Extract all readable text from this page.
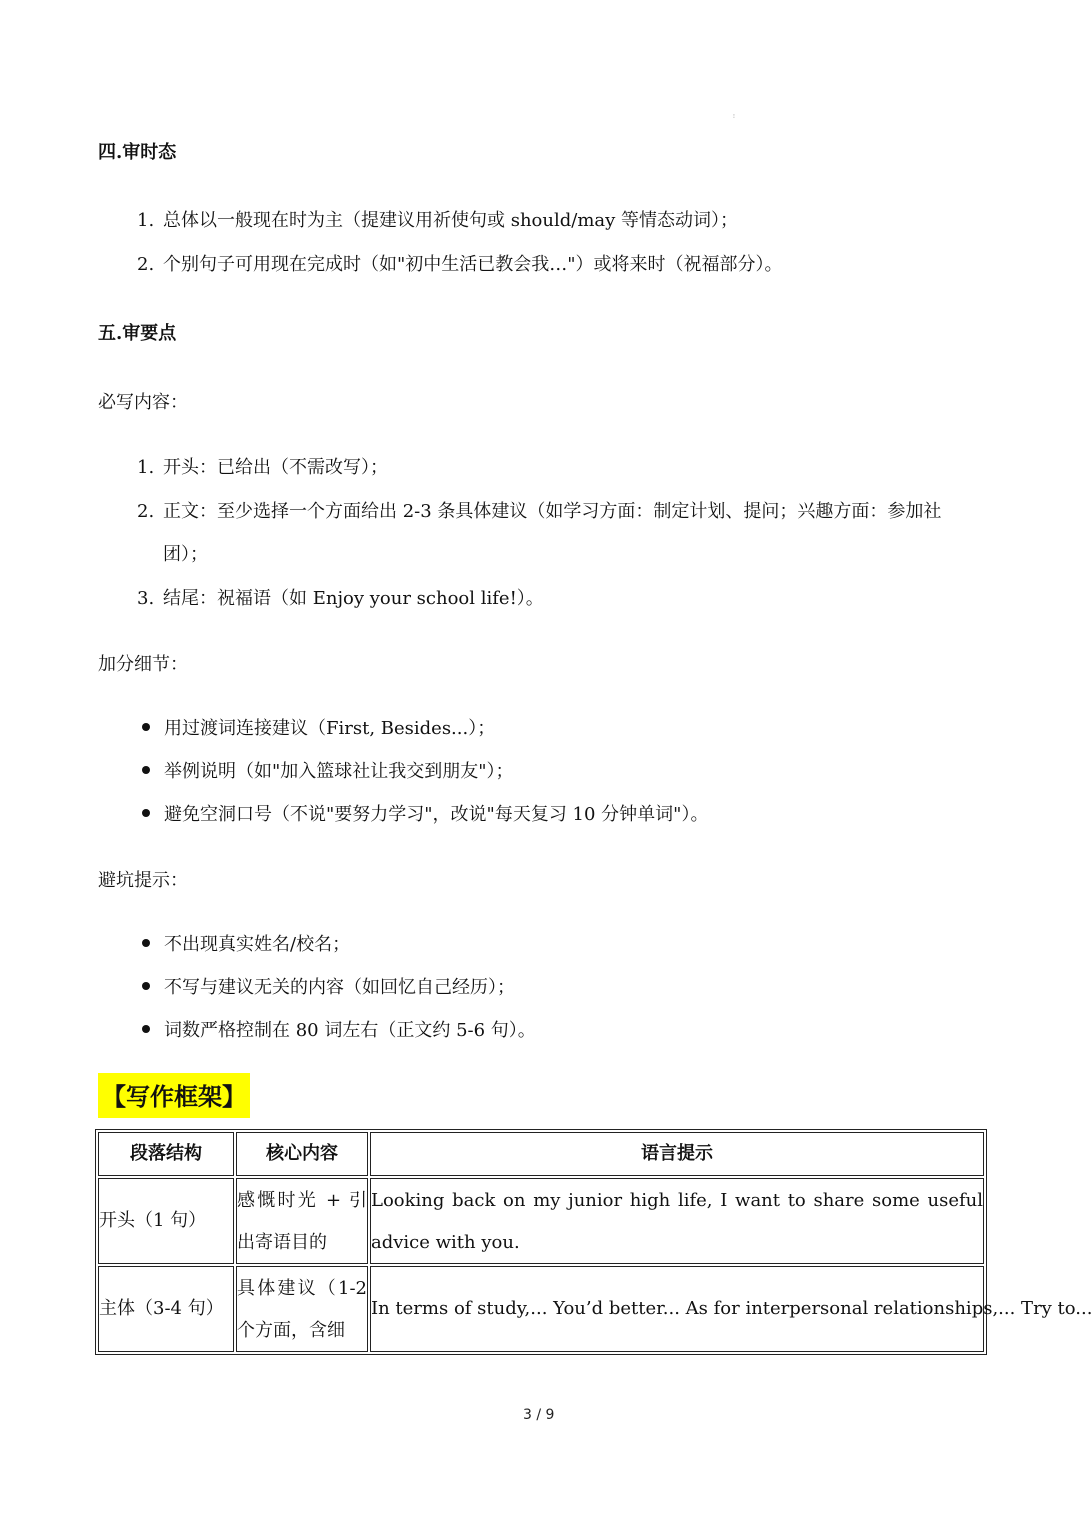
⁝
四.审时态
1. 总体以一般现在时为主（提建议用祈使句或 should/may 等情态动词）；
2. 个别句子可用现在完成时（如"初中生活已教会我…"）或将来时（祝福部分）。
五.审要点
必写内容：
1. 开头：已给出（不需改写）；
2. 正文：至少选择一个方面给出 2-3 条具体建议（如学习方面：制定计划、提问；兴趣方面：参加社
团）；
3. 结尾：祝福语（如 Enjoy your school life!）。
加分细节：
用过渡词连接建议（First, Besides...）；
举例说明（如"加入篮球社让我交到朋友"）；
避免空洞口号（不说"要努力学习"，改说"每天复习 10 分钟单词"）。
避坑提示：
不出现真实姓名/校名；
不写与建议无关的内容（如回忆自己经历）；
词数严格控制在 80 词左右（正文约 5-6 句）。
【写作框架】
段落结构	核心内容	语言提示
开头（1 句）	感慨时光 + 引出寄语目的	Looking back on my junior high life, I want to share some useful advice with you.

主体（3-4 句）	具体建议（1-2 个方面，含细	In terms of study,... You’d better... As for interpersonal relationships,... Try to...
3 / 9
